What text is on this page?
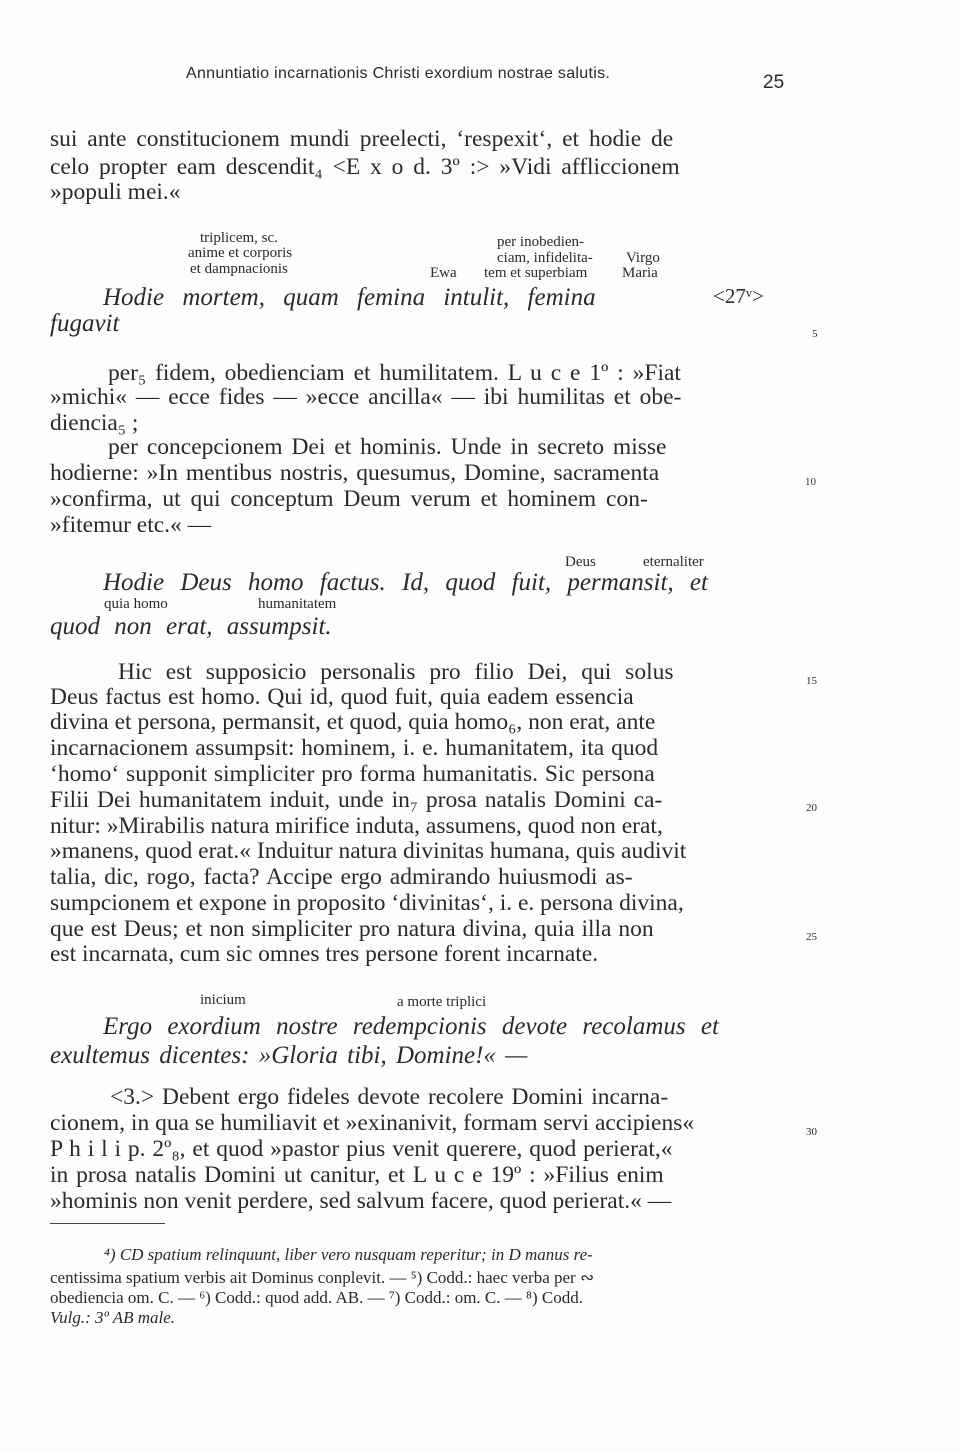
Annuntiatio incarnationis Christi exordium nostrae salutis.	25
sui ante constitucionem mundi preelecti, ‘respexit‘, et hodie de
celo propter eam descendit₄ <E x o d. 3º :> »Vidi affliccionem
»populi mei.«
triplicem, sc.
anime et corporis
et dampnacionis
per inobedien-
ciam, infidelita-
tem et superbiam
Ewa
Virgo
Maria
Hodie mortem, quam femina intulit, femina	<27ᵛ>
fugavit	5
per₅ fidem, obedienciam et humilitatem. L u c e 1º : »Fiat
»michi« — ecce fides — »ecce ancilla« — ibi humilitas et obe-
diencia₅ ;
per concepcionem Dei et hominis. Unde in secreto misse
hodierne: »In mentibus nostris, quesumus, Domine, sacramenta	10
»confirma, ut qui conceptum Deum verum et hominem con-
»fitemur etc.« —
Deus	eternaliter
Hodie Deus homo factus. Id, quod fuit, permansit, et
quia homo	humanitatem
quod non erat, assumpsit.
Hic est supposicio personalis pro filio Dei, qui solus	15
Deus factus est homo. Qui id, quod fuit, quia eadem essencia
divina et persona, permansit, et quod, quia homo₆, non erat, ante
incarnacionem assumpsit: hominem, i. e. humanitatem, ita quod
‘homo‘ supponit simpliciter pro forma humanitatis. Sic persona
Filii Dei humanitatem induit, unde in₇ prosa natalis Domini ca-	20
nitur: »Mirabilis natura mirifice induta, assumens, quod non erat,
»manens, quod erat.« Induitur natura divinitas humana, quis audivit
talia, dic, rogo, facta? Accipe ergo admirando huiusmodi as-
sumpcionem et expone in proposito ‘divinitas‘, i. e. persona divina,
que est Deus; et non simpliciter pro natura divina, quia illa non	25
est incarnata, cum sic omnes tres persone forent incarnate.
inicium	a morte triplici
Ergo exordium nostre redempcionis devote recolamus et
exultemus dicentes: »Gloria tibi, Domine!« —
<3.> Debent ergo fideles devote recolere Domini incarna-
cionem, in qua se humiliavit et »exinanivit, formam servi accipiens«	30
P h i l i p. 2º₈, et quod »pastor pius venit querere, quod perierat,«
in prosa natalis Domini ut canitur, et L u c e 19º : »Filius enim
»hominis non venit perdere, sed salvum facere, quod perierat.« —
⁴) CD spatium relinquunt, liber vero nusquam reperitur; in D manus re-
centissima spatium verbis ait Dominus conplevit. — ⁵) Codd.: haec verba per ∾
obediencia om. C. — ⁶) Codd.: quod add. AB. — ⁷) Codd.: om. C. — ⁸) Codd.
Vulg.: 3º AB male.
